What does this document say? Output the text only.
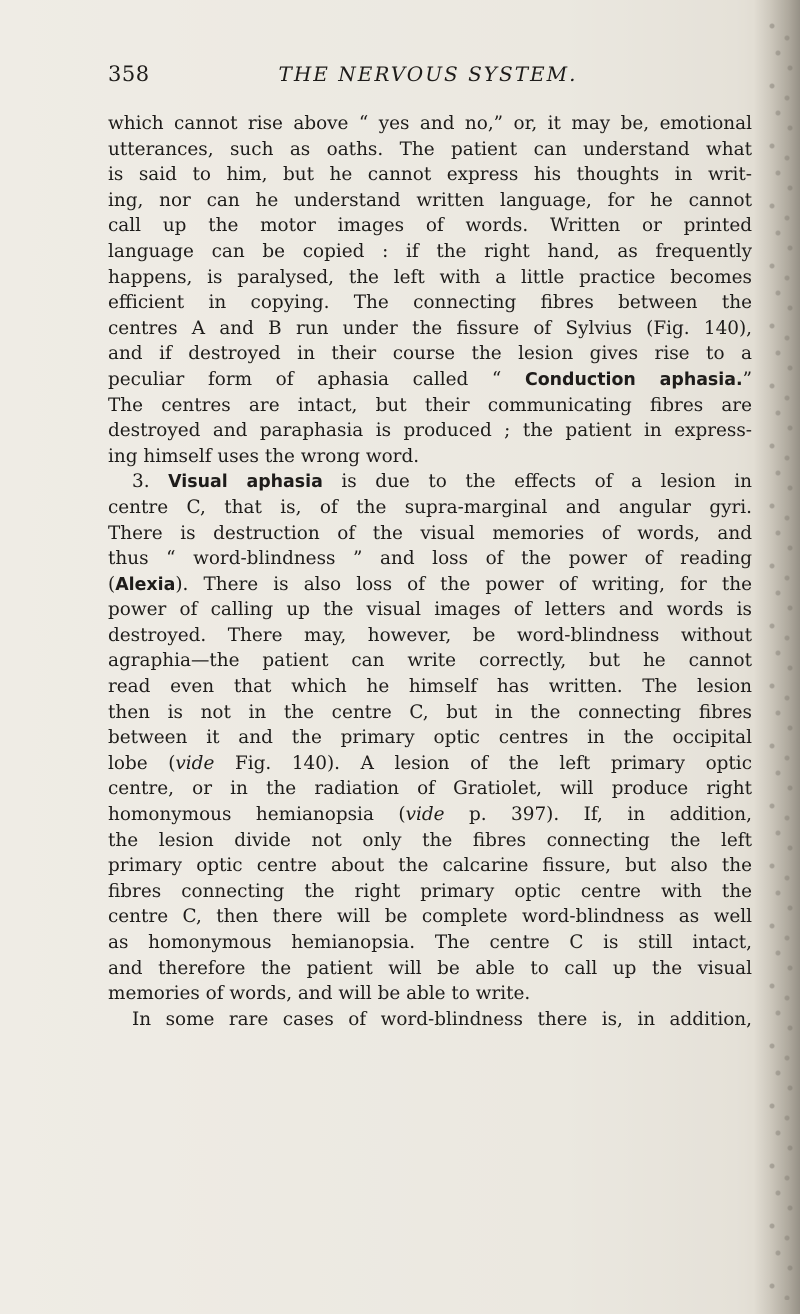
358	THE NERVOUS SYSTEM.
which cannot rise above “ yes and no,” or, it may be, emotional
utterances, such as oaths. The patient can understand what
is said to him, but he cannot express his thoughts in writ-
ing, nor can he understand written language, for he cannot
call up the motor images of words. Written or printed
language can be copied : if the right hand, as frequently
happens, is paralysed, the left with a little practice becomes
efficient in copying. The connecting fibres between the
centres A and B run under the fissure of Sylvius (Fig. 140),
and if destroyed in their course the lesion gives rise to a
peculiar form of aphasia called “ Conduction aphasia.”
The centres are intact, but their communicating fibres are
destroyed and paraphasia is produced ; the patient in express-
ing himself uses the wrong word.
3. Visual aphasia is due to the effects of a lesion in
centre C, that is, of the supra-marginal and angular gyri.
There is destruction of the visual memories of words, and
thus “ word-blindness ” and loss of the power of reading
(Alexia). There is also loss of the power of writing, for the
power of calling up the visual images of letters and words is
destroyed. There may, however, be word-blindness without
agraphia—the patient can write correctly, but he cannot
read even that which he himself has written. The lesion
then is not in the centre C, but in the connecting fibres
between it and the primary optic centres in the occipital
lobe (vide Fig. 140). A lesion of the left primary optic
centre, or in the radiation of Gratiolet, will produce right
homonymous hemianopsia (vide p. 397). If, in addition,
the lesion divide not only the fibres connecting the left
primary optic centre about the calcarine fissure, but also the
fibres connecting the right primary optic centre with the
centre C, then there will be complete word-blindness as well
as homonymous hemianopsia. The centre C is still intact,
and therefore the patient will be able to call up the visual
memories of words, and will be able to write.
In some rare cases of word-blindness there is, in addition,
